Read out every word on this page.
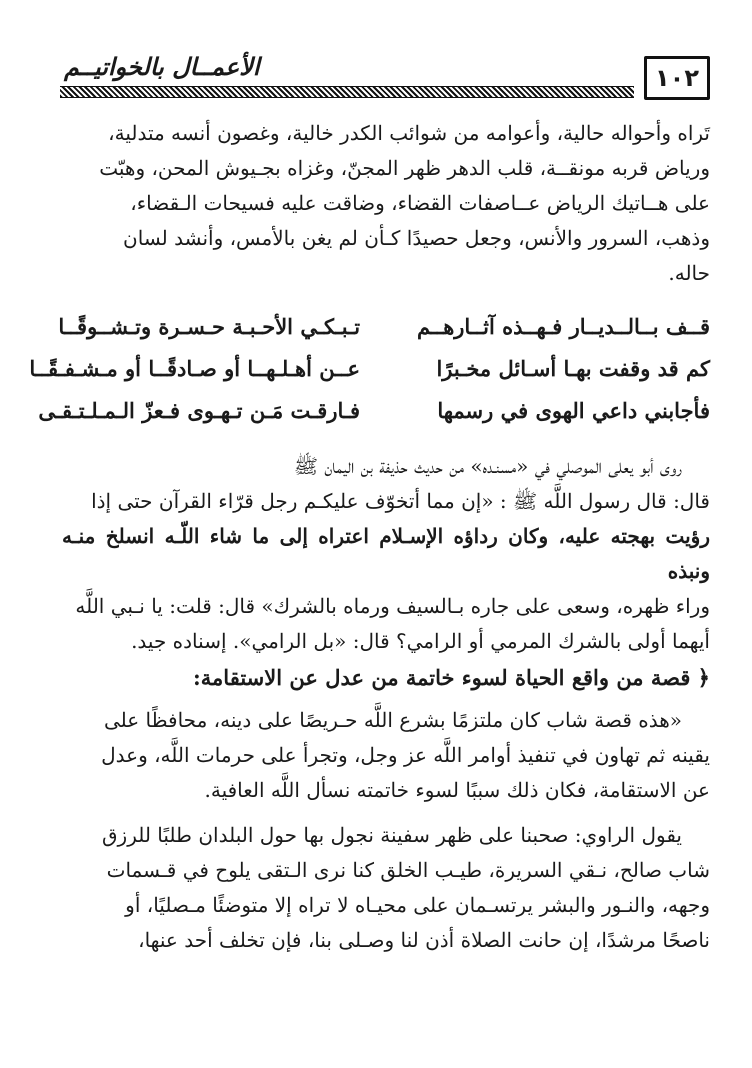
١٠٢
الأعمــال بالخواتيــم

تَراه وأحواله حالية، وأعوامه من شوائب الكدر خالية، وغصون أنسه متدلية،

ورياض قربه مونقــة، قلب الدهر ظهر المجنّ، وغزاه بجـيوش المحن، وهبّت

على هــاتيك الرياض عــاصفات القضاء، وضاقت عليه فسيحات الـقضاء،

وذهب، السرور والأنس، وجعل حصيدًا كـأن لم يغن بالأمس، وأنشد لسان

حاله.

قــف بــالــديــار فـهــذه آثــارهــم
تـبـكـي الأحـبـة حـسـرة وتـشــوقًــا
كم قد وقفت بهـا أسـائل مخـبرًا
عــن أهـلـهــا أو صـادقًــا أو مـشـفـقًــا
فأجابني داعي الهوى في رسمها
فـارقـت مَـن تـهـوى فـعزّ الـمـلـتـقـى

روى أبو يعلى الموصلي في «مسنـده» من حديث حذيفة بن اليمان ﷺ

قال: قال رسول اللَّه ﷺ : «إن مما أتخوّف عليكـم رجل قرّاء القرآن حتى إذا

رؤيت بهجته عليه، وكان رداؤه الإسـلام اعتراه إلى ما شاء اللّـه انسلخ منـه ونبذه

وراء ظهره، وسعى على جاره بـالسيف ورماه بالشرك» قال: قلت: يا نـبي اللَّه

أيهما أولى بالشرك المرمي أو الرامي؟ قال: «بل الرامي». إسناده جيد.

﴿ قصة من واقع الحياة لسوء خاتمة من عدل عن الاستقامة:

«هذه قصة شاب كان ملتزمًا بشرع اللَّه حـريصًا على دينه، محافظًا على

يقينه ثم تهاون في تنفيذ أوامر اللَّه عز وجل، وتجرأ على حرمات اللَّه، وعدل

عن الاستقامة، فكان ذلك سببًا لسوء خاتمته نسأل اللَّه العافية.

يقول الراوي: صحبنا على ظهر سفينة نجول بها حول البلدان طلبًا للرزق

شاب صالح، نـقي السريرة، طيـب الخلق كنا نرى الـتقى يلوح في قـسمات

وجهه، والنـور والبشر يرتسـمان على محيـاه لا تراه إلا متوضئًا مـصليًا، أو

ناصحًا مرشدًا، إن حانت الصلاة أذن لنا وصـلى بنا، فإن تخلف أحد عنها،
